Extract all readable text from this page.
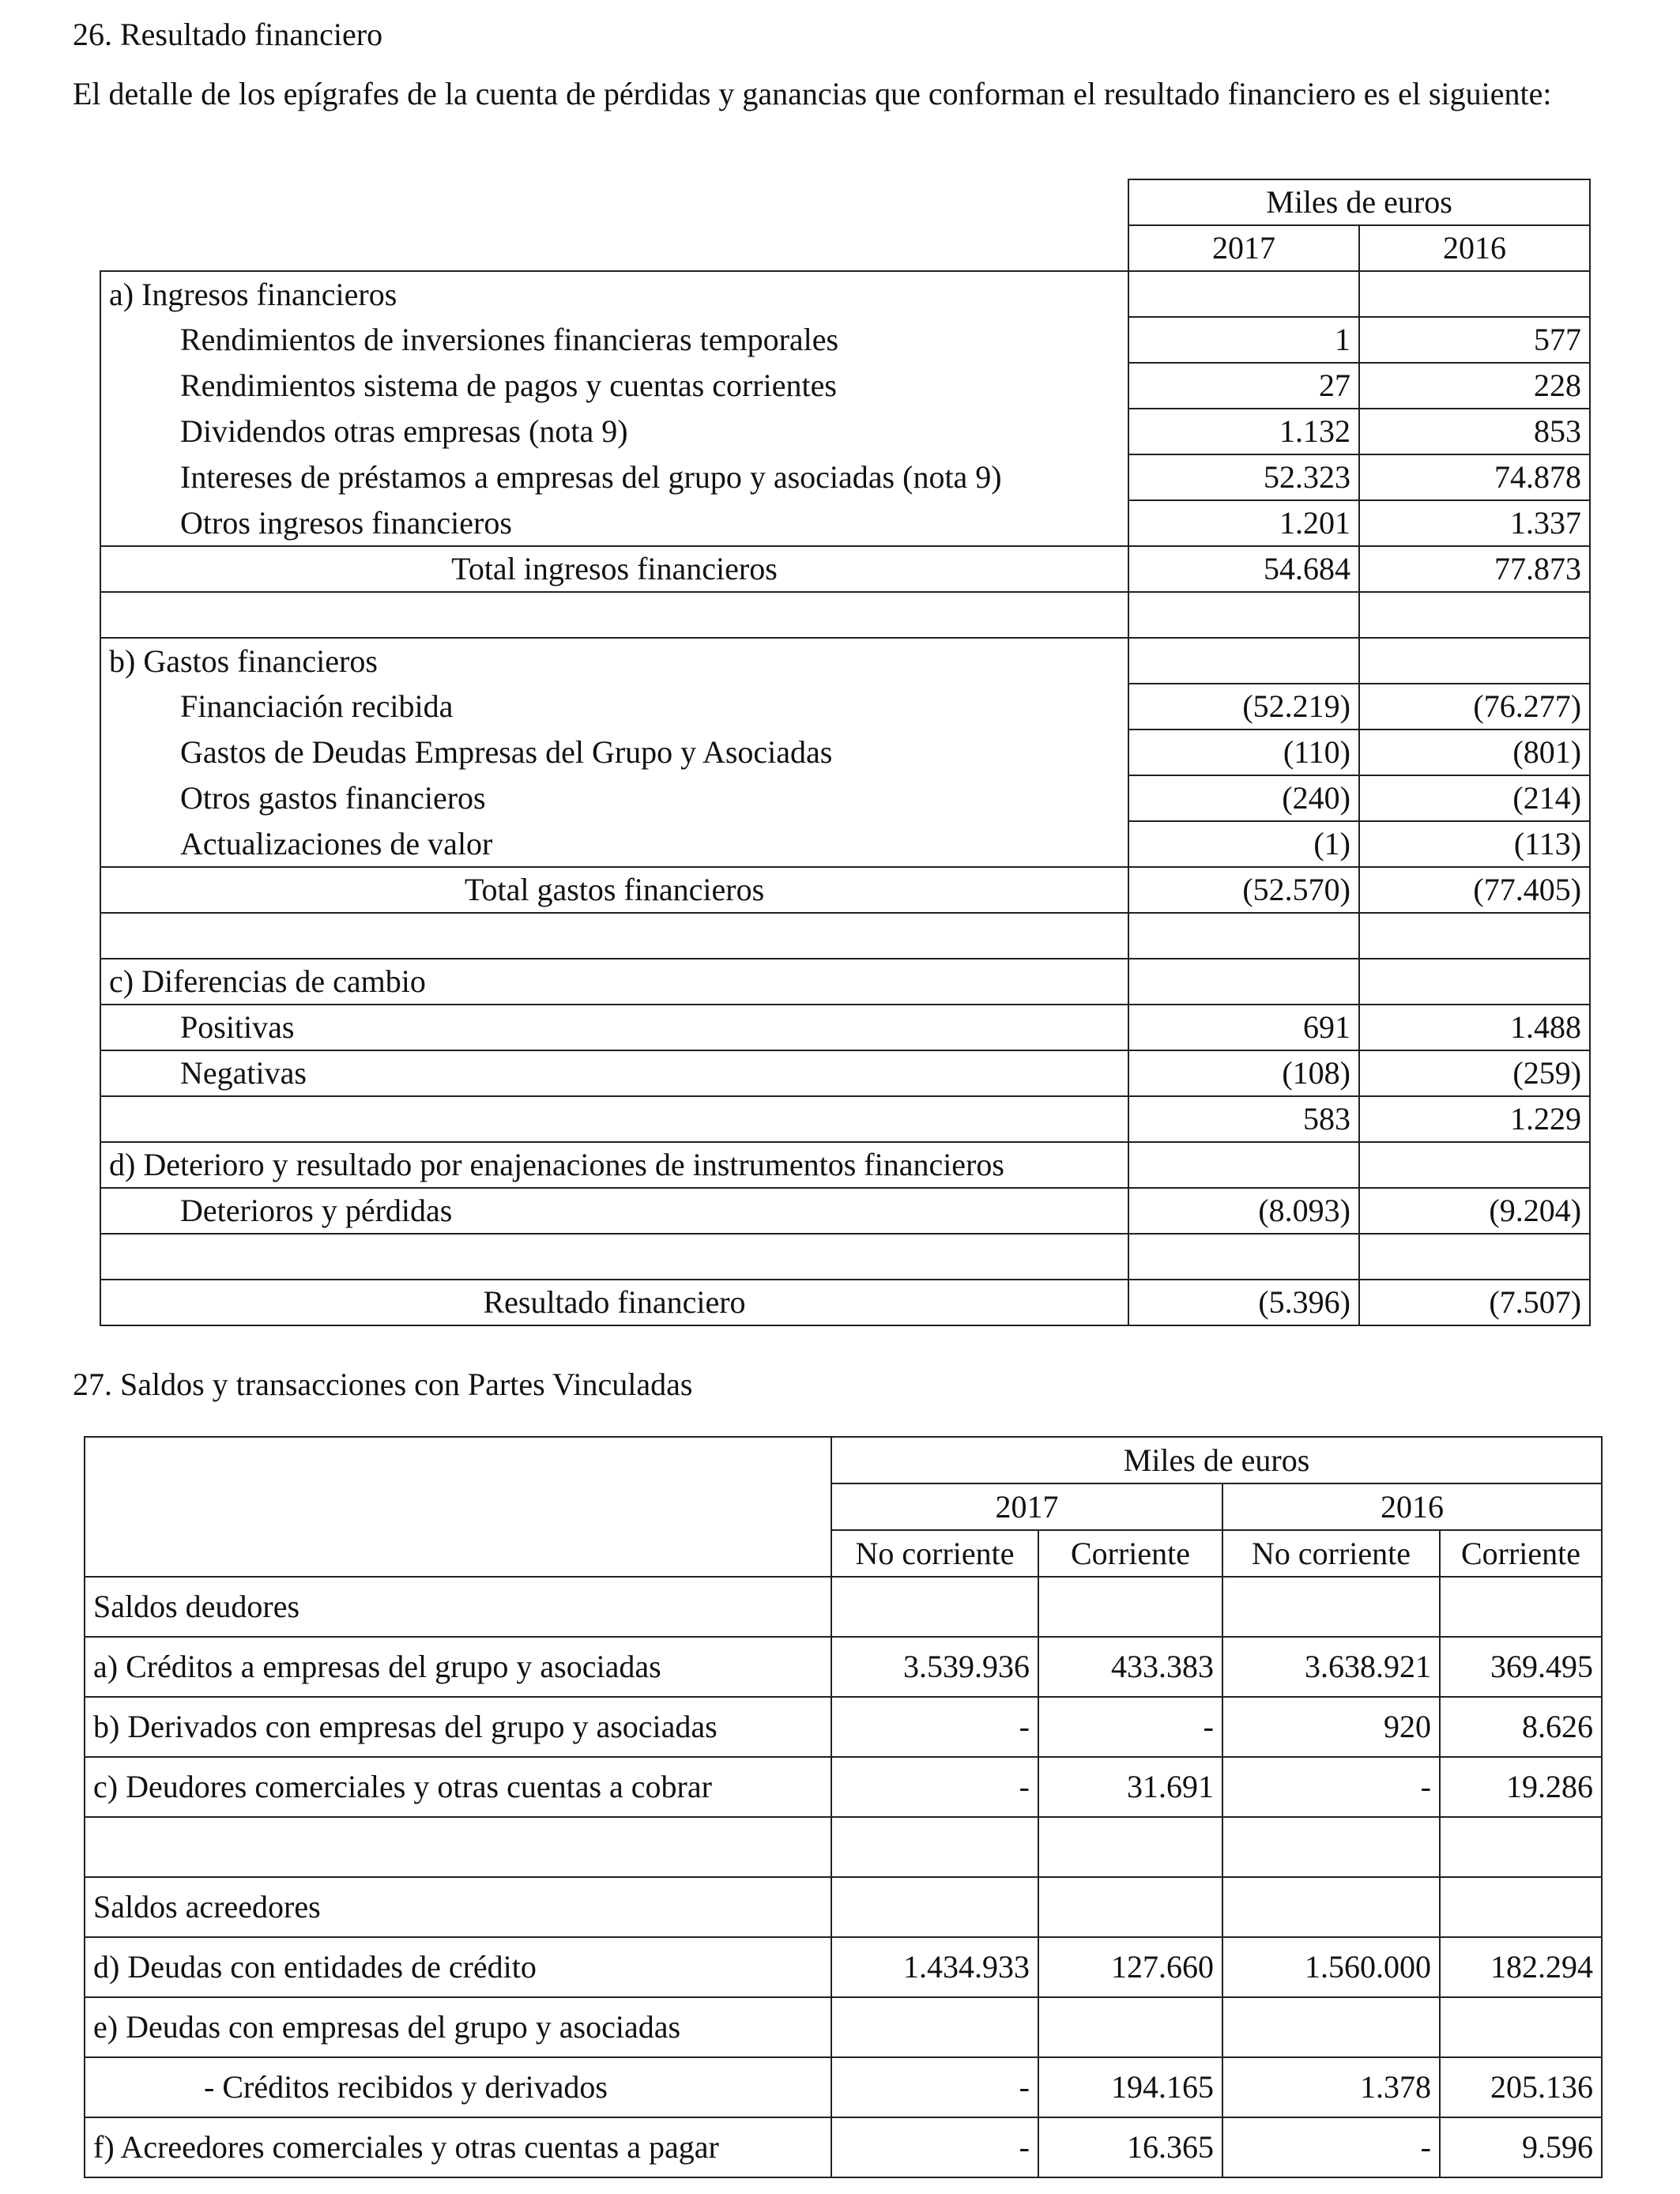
26. Resultado financiero
El detalle de los epígrafes de la cuenta de pérdidas y ganancias que conforman el resultado financiero es el siguiente:
	Miles de euros	
	2017	2016
a) Ingresos financieros		
Rendimientos de inversiones financieras temporales	1	577
Rendimientos sistema de pagos y cuentas corrientes	27	228
Dividendos otras empresas (nota 9)	1.132	853
Intereses de préstamos a empresas del grupo y asociadas (nota 9)	52.323	74.878
Otros ingresos financieros	1.201	1.337
Total ingresos financieros	54.684	77.873

b) Gastos financieros		
Financiación recibida	(52.219)	(76.277)
Gastos de Deudas Empresas del Grupo y Asociadas	(110)	(801)
Otros gastos financieros	(240)	(214)
Actualizaciones de valor	(1)	(113)
Total gastos financieros	(52.570)	(77.405)

c) Diferencias de cambio		
Positivas	691	1.488
Negativas	(108)	(259)
	583	1.229
d) Deterioro y resultado por enajenaciones de instrumentos financieros		
Deterioros y pérdidas	(8.093)	(9.204)

Resultado financiero	(5.396)	(7.507)
27. Saldos y transacciones con Partes Vinculadas
	Miles de euros			
	2017		2016	
	No corriente	Corriente	No corriente	Corriente
Saldos deudores				
a) Créditos a empresas del grupo y asociadas	3.539.936	433.383	3.638.921	369.495
b) Derivados con empresas del grupo y asociadas	-	-	920	8.626
c) Deudores comerciales y otras cuentas a cobrar	-	31.691	-	19.286

Saldos acreedores				
d) Deudas con entidades de crédito	1.434.933	127.660	1.560.000	182.294
e) Deudas con empresas del grupo y asociadas				
- Créditos recibidos y derivados	-	194.165	1.378	205.136
f) Acreedores comerciales y otras cuentas a pagar	-	16.365	-	9.596
